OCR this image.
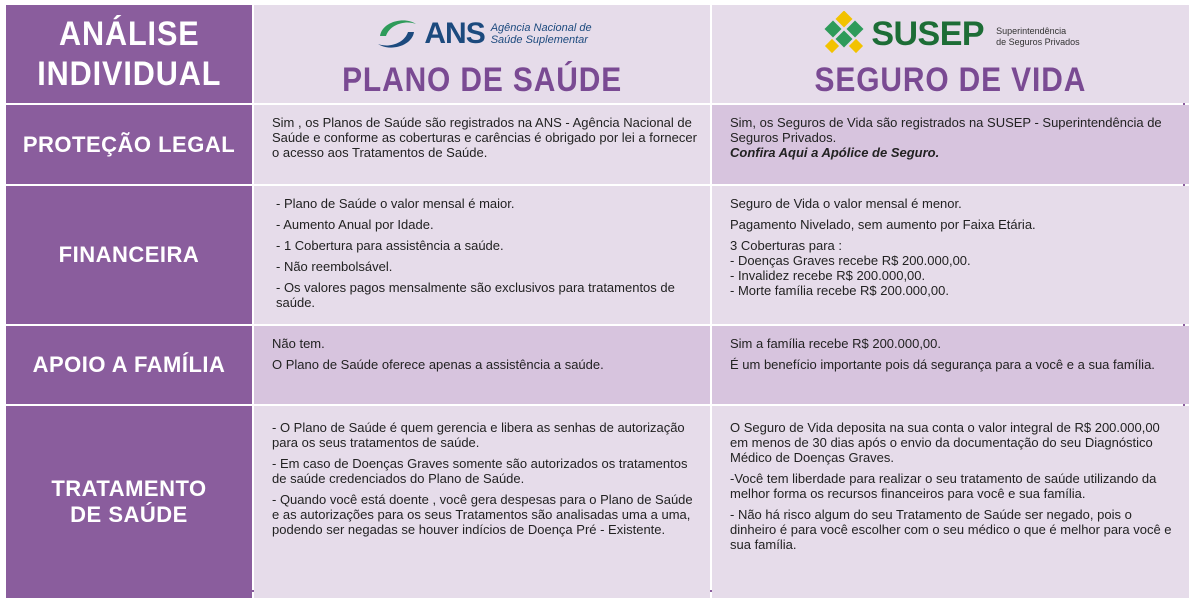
ANÁLISE
INDIVIDUAL
ANS Agência Nacional de
Saúde Suplementar
PLANO DE SAÚDE
SUSEP Superintendência
de Seguros Privados
SEGURO DE VIDA
PROTEÇÃO LEGAL

Sim , os Planos de Saúde são registrados na ANS - Agência Nacional de Saúde e conforme as coberturas e carências é obrigado por lei a fornecer o acesso aos Tratamentos de Saúde.

Sim, os Seguros de Vida são registrados na SUSEP - Superintendência de Seguros Privados.

Confira Aqui a Apólice de Seguro.

FINANCEIRA

- Plano de Saúde o valor mensal é maior.

- Aumento Anual por Idade.

- 1 Cobertura para assistência a saúde.

- Não reembolsável.

- Os valores pagos mensalmente são exclusivos para tratamentos de saúde.

Seguro de Vida o valor mensal é menor.

Pagamento Nivelado, sem aumento por Faixa Etária.

3 Coberturas para :

- Doenças Graves recebe R$ 200.000,00.

- Invalidez recebe R$ 200.000,00.

- Morte família recebe R$ 200.000,00.

APOIO A FAMÍLIA

Não tem.

O Plano de Saúde oferece apenas a assistência a saúde.

Sim a família recebe R$ 200.000,00.

É um benefício importante pois dá segurança para a você e a sua família.

TRATAMENTO
DE SAÚDE

- O Plano de Saúde é quem gerencia e libera as senhas de autorização para os seus tratamentos de saúde.

- Em caso de Doenças Graves somente são autorizados os tratamentos de saúde credenciados do Plano de Saúde.

- Quando você está doente , você gera despesas para o Plano de Saúde e as autorizações para os seus Tratamentos são analisadas uma a uma, podendo ser negadas se houver indícios de Doença Pré - Existente.

O Seguro de Vida deposita na sua conta o valor integral de R$ 200.000,00 em menos de 30 dias após o envio da documentação do seu Diagnóstico Médico de Doenças Graves.

-Você tem liberdade para realizar o seu tratamento de saúde utilizando da melhor forma os recursos financeiros para você e sua família.

- Não há risco algum do seu Tratamento de Saúde ser negado, pois o dinheiro é para você escolher com o seu médico o que é melhor para você e sua família.
